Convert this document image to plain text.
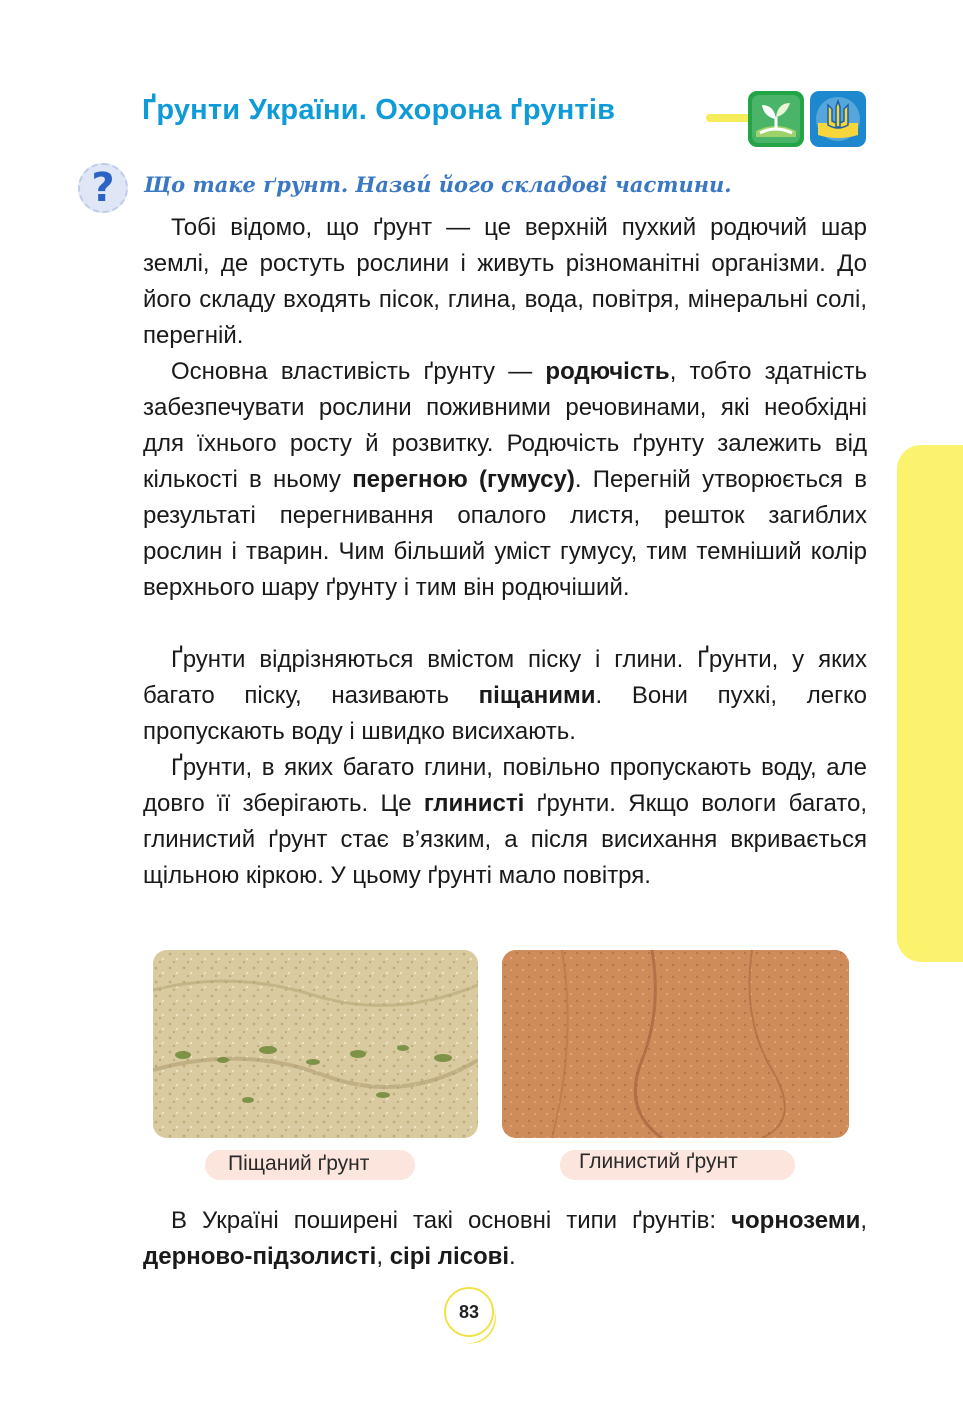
Ґрунти України. Охорона ґрунтів
?	Що таке ґрунт. Назви́ його складові частини.
Тобі відомо, що ґрунт — це верхній пухкий родючий шар землі, де ростуть рослини і живуть різноманітні організми. До його складу входять пісок, глина, вода, повітря, мінеральні солі, перегній.
Основна властивість ґрунту — родючість, тобто здатність забезпечувати рослини поживними речовинами, які необхідні для їхнього росту й розвитку. Родючість ґрунту залежить від кількості в ньому перегною (гумусу). Перегній утворюється в результаті перегнивання опалого листя, решток загиблих рослин і тварин. Чим більший уміст гумусу, тим темніший колір верхнього шару ґрунту і тим він родючіший.
Ґрунти відрізняються вмістом піску і глини. Ґрунти, у яких багато піску, називають піщаними. Вони пухкі, легко пропускають воду і швидко висихають.
Ґрунти, в яких багато глини, повільно пропускають воду, але довго її зберігають. Це глинисті ґрунти. Якщо вологи багато, глинистий ґрунт стає в’язким, а після висихання вкривається щільною кіркою. У цьому ґрунті мало повітря.
Піщаний ґрунт	Глинистий ґрунт
В Україні поширені такі основні типи ґрунтів: чорноземи, дерново-підзолисті, сірі лісові.
83
